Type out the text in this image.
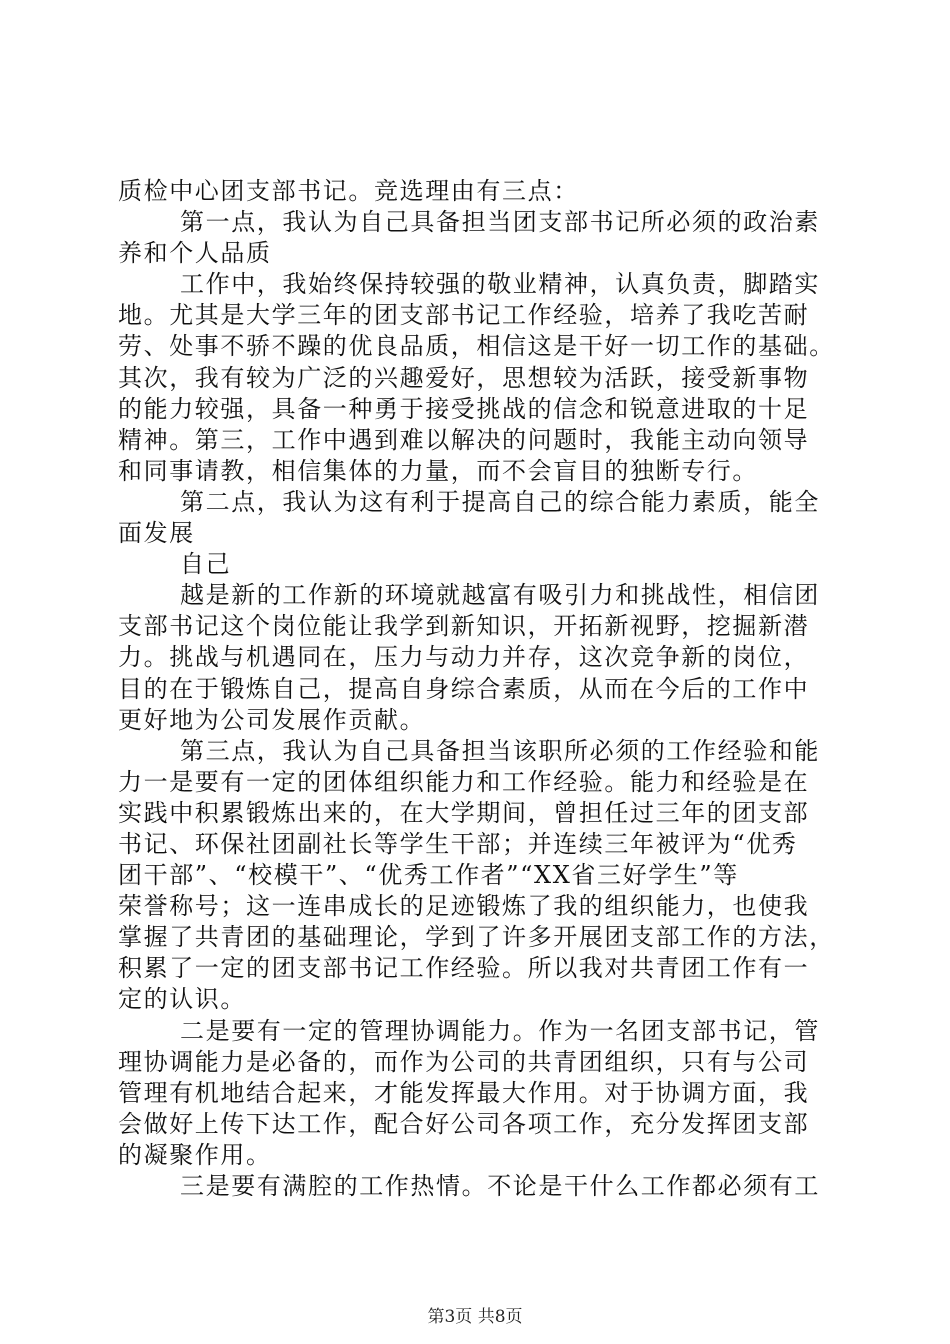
质检中心团支部书记。竞选理由有三点：
第一点，我认为自己具备担当团支部书记所必须的政治素
养和个人品质
工作中，我始终保持较强的敬业精神，认真负责，脚踏实
地。尤其是大学三年的团支部书记工作经验，培养了我吃苦耐
劳、处事不骄不躁的优良品质，相信这是干好一切工作的基础。
其次，我有较为广泛的兴趣爱好，思想较为活跃，接受新事物
的能力较强，具备一种勇于接受挑战的信念和锐意进取的十足
精神。第三，工作中遇到难以解决的问题时，我能主动向领导
和同事请教，相信集体的力量，而不会盲目的独断专行。
第二点，我认为这有利于提高自己的综合能力素质，能全
面发展
自己
越是新的工作新的环境就越富有吸引力和挑战性，相信团
支部书记这个岗位能让我学到新知识，开拓新视野，挖掘新潜
力。挑战与机遇同在，压力与动力并存，这次竞争新的岗位，
目的在于锻炼自己，提高自身综合素质，从而在今后的工作中
更好地为公司发展作贡献。
第三点，我认为自己具备担当该职所必须的工作经验和能
力一是要有一定的团体组织能力和工作经验。能力和经验是在
实践中积累锻炼出来的，在大学期间，曾担任过三年的团支部
书记、环保社团副社长等学生干部；并连续三年被评为“优秀
团干部”、“校模干”、“优秀工作者”“XX省三好学生”等
荣誉称号；这一连串成长的足迹锻炼了我的组织能力，也使我
掌握了共青团的基础理论，学到了许多开展团支部工作的方法，
积累了一定的团支部书记工作经验。所以我对共青团工作有一
定的认识。
二是要有一定的管理协调能力。作为一名团支部书记，管
理协调能力是必备的，而作为公司的共青团组织，只有与公司
管理有机地结合起来，才能发挥最大作用。对于协调方面，我
会做好上传下达工作，配合好公司各项工作，充分发挥团支部
的凝聚作用。
三是要有满腔的工作热情。不论是干什么工作都必须有工
第3页 共8页
